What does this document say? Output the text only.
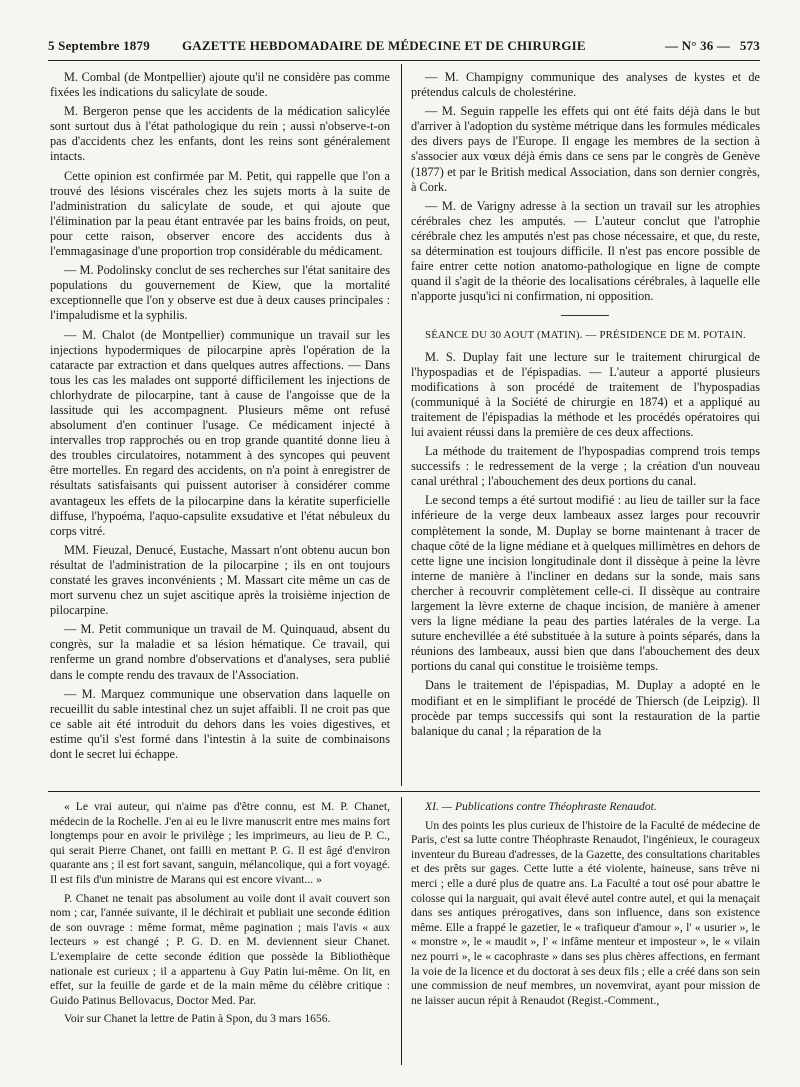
5 Septembre 1879 GAZETTE HEBDOMADAIRE DE MÉDECINE ET DE CHIRURGIE	— N° 36 — 573

M. Combal (de Montpellier) ajoute qu'il ne considère pas comme fixées les indications du salicylate de soude.

M. Bergeron pense que les accidents de la médication salicylée sont surtout dus à l'état pathologique du rein ; aussi n'observe-t-on pas d'accidents chez les enfants, dont les reins sont généralement intacts.

Cette opinion est confirmée par M. Petit, qui rappelle que l'on a trouvé des lésions viscérales chez les sujets morts à la suite de l'administration du salicylate de soude, et qui ajoute que l'élimination par la peau étant entravée par les bains froids, on peut, pour cette raison, observer encore des accidents dus à l'emmagasinage d'une proportion trop considérable du médicament.

— M. Podolinsky conclut de ses recherches sur l'état sanitaire des populations du gouvernement de Kiew, que la mortalité exceptionnelle que l'on y observe est due à deux causes principales : l'impaludisme et la syphilis.

— M. Chalot (de Montpellier) communique un travail sur les injections hypodermiques de pilocarpine après l'opération de la cataracte par extraction et dans quelques autres affections. — Dans tous les cas les malades ont supporté difficilement les injections de chlorhydrate de pilocarpine, tant à cause de l'angoisse que de la lassitude qui les accompagnent. Plusieurs même ont refusé absolument d'en continuer l'usage. Ce médicament injecté à intervalles trop rapprochés ou en trop grande quantité donne lieu à des troubles circulatoires, notamment à des syncopes qui peuvent être mortelles. En regard des accidents, on n'a point à enregistrer de résultats satisfaisants qui puissent autoriser à considérer comme avantageux les effets de la pilocarpine dans la kératite superficielle diffuse, l'hypoéma, l'aquo-capsulite exsudative et l'état nébuleux du corps vitré.

MM. Fieuzal, Denucé, Eustache, Massart n'ont obtenu aucun bon résultat de l'administration de la pilocarpine ; ils en ont toujours constaté les graves inconvénients ; M. Massart cite même un cas de mort survenu chez un sujet ascitique après la troisième injection de pilocarpine.

— M. Petit communique un travail de M. Quinquaud, absent du congrès, sur la maladie et sa lésion hématique. Ce travail, qui renferme un grand nombre d'observations et d'analyses, sera publié dans le compte rendu des travaux de l'Association.

— M. Marquez communique une observation dans laquelle on recueillit du sable intestinal chez un sujet affaibli. Il ne croit pas que ce sable ait été introduit du dehors dans les voies digestives, et estime qu'il s'est formé dans l'intestin à la suite de combinaisons dont le secret lui échappe.

— M. Champigny communique des analyses de kystes et de prétendus calculs de cholestérine.

— M. Seguin rappelle les effets qui ont été faits déjà dans le but d'arriver à l'adoption du système métrique dans les formules médicales des divers pays de l'Europe. Il engage les membres de la section à s'associer aux vœux déjà émis dans ce sens par le congrès de Genève (1877) et par le British medical Association, dans son dernier congrès, à Cork.

— M. de Varigny adresse à la section un travail sur les atrophies cérébrales chez les amputés. — L'auteur conclut que l'atrophie cérébrale chez les amputés n'est pas chose nécessaire, et que, du reste, sa détermination est toujours difficile. Il n'est pas encore possible de faire entrer cette notion anatomo-pathologique en ligne de compte quand il s'agit de la théorie des localisations cérébrales, à laquelle elle n'apporte jusqu'ici ni confirmation, ni opposition.

SÉANCE DU 30 AOUT (MATIN). — PRÉSIDENCE DE M. POTAIN.

M. S. Duplay fait une lecture sur le traitement chirurgical de l'hypospadias et de l'épispadias. — L'auteur a apporté plusieurs modifications à son procédé de traitement de l'hypospadias (communiqué à la Société de chirurgie en 1874) et a appliqué au traitement de l'épispadias la méthode et les procédés opératoires qui lui avaient réussi dans la première de ces deux affections.

La méthode du traitement de l'hypospadias comprend trois temps successifs : le redressement de la verge ; la création d'un nouveau canal uréthral ; l'abouchement des deux portions du canal.

Le second temps a été surtout modifié : au lieu de tailler sur la face inférieure de la verge deux lambeaux assez larges pour recouvrir complètement la sonde, M. Duplay se borne maintenant à tracer de chaque côté de la ligne médiane et à quelques millimètres en dehors de cette ligne une incision longitudinale dont il dissèque à peine la lèvre interne de manière à l'incliner en dedans sur la sonde, mais sans chercher à recouvrir complètement celle-ci. Il dissèque au contraire largement la lèvre externe de chaque incision, de manière à amener vers la ligne médiane la peau des parties latérales de la verge. La suture enchevillée a été substituée à la suture à points séparés, dans la réunions des lambeaux, aussi bien que dans l'abouchement des deux portions du canal qui constitue le troisième temps.

Dans le traitement de l'épispadias, M. Duplay a adopté en le modifiant et en le simplifiant le procédé de Thiersch (de Leipzig). Il procède par temps successifs qui sont la restauration de la partie balanique du canal ; la réparation de la

« Le vrai auteur, qui n'aime pas d'être connu, est M. P. Chanet, médecin de la Rochelle. J'en ai eu le livre manuscrit entre mes mains fort longtemps pour en avoir le privilège ; les imprimeurs, au lieu de P. C., qui serait Pierre Chanet, ont failli en mettant P. G. Il est âgé d'environ quarante ans ; il est fort savant, sanguin, mélancolique, qui a fort voyagé. Il est fils d'un ministre de Marans qui est encore vivant... »

P. Chanet ne tenait pas absolument au voile dont il avait couvert son nom ; car, l'année suivante, il le déchirait et publiait une seconde édition de son ouvrage : même format, même pagination ; mais l'avis « aux lecteurs » est changé ; P. G. D. en M. deviennent sieur Chanet. L'exemplaire de cette seconde édition que possède la Bibliothèque nationale est curieux ; il a appartenu à Guy Patin lui-même. On lit, en effet, sur la feuille de garde et de la main même du célèbre critique : Guido Patinus Bellovacus, Doctor Med. Par.

Voir sur Chanet la lettre de Patin à Spon, du 3 mars 1656.

XI. — Publications contre Théophraste Renaudot.

Un des points les plus curieux de l'histoire de la Faculté de médecine de Paris, c'est sa lutte contre Théophraste Renaudot, l'ingénieux, le courageux inventeur du Bureau d'adresses, de la Gazette, des consultations charitables et des prêts sur gages. Cette lutte a été violente, haineuse, sans trêve ni merci ; elle a duré plus de quatre ans. La Faculté a tout osé pour abattre le colosse qui la narguait, qui avait élevé autel contre autel, et qui la menaçait dans ses antiques prérogatives, dans son influence, dans son existence même. Elle a frappé le gazetier, le « trafiqueur d'amour », l' « usurier », le « monstre », le « maudit », l' « infâme menteur et imposteur », le « vilain nez pourri », le « cacophraste » dans ses plus chères affections, en fermant la voie de la licence et du doctorat à ses deux fils ; elle a créé dans son sein une commission de neuf membres, un novemvirat, ayant pour mission de ne laisser aucun répit à Renaudot (Regist.-Comment.,
